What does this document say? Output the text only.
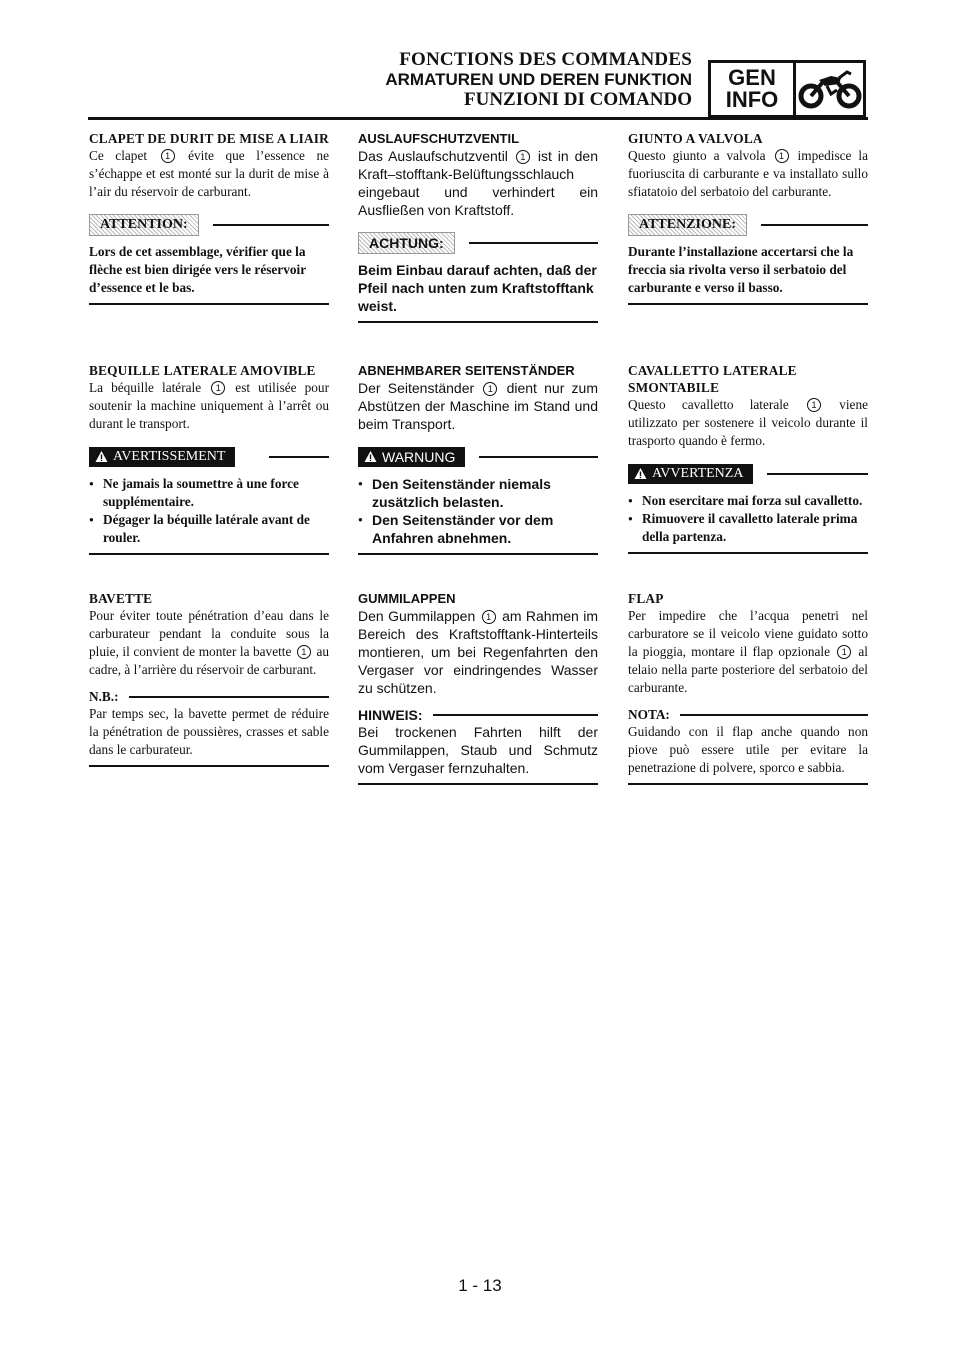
FONCTIONS DES COMMANDES
ARMATUREN UND DEREN FUNKTION
FUNZIONI DI COMANDO
GEN
INFO
CLAPET DE DURIT DE MISE A LIAIR
Ce clapet 1 évite que l’essence ne s’échappe et est monté sur la durit de mise à l’air du réservoir de carburant.
ATTENTION:
Lors de cet assemblage, vérifier que la flèche est bien dirigée vers le réservoir d’essence et le bas.
BEQUILLE LATERALE AMOVIBLE
La béquille latérale 1 est utilisée pour soutenir la machine uniquement à l’arrêt ou durant le transport.
AVERTISSEMENT
● Ne jamais la soumettre à une force supplémentaire.
● Dégager la béquille latérale avant de rouler.
BAVETTE
Pour éviter toute pénétration d’eau dans le carburateur pendant la conduite sous la pluie, il convient de monter la bavette 1 au cadre, à l’arrière du réservoir de carburant.
N.B.:
Par temps sec, la bavette permet de réduire la pénétration de poussières, crasses et sable dans le carburateur.
AUSLAUFSCHUTZVENTIL
Das Auslaufschutzventil 1 ist in den Kraft–stofftank-Belüftungsschlauch eingebaut und verhindert ein Ausfließen von Kraftstoff.
ACHTUNG:
Beim Einbau darauf achten, daß der Pfeil nach unten zum Kraftstofftank weist.
ABNEHMBARER SEITENSTÄNDER
Der Seitenständer 1 dient nur zum Abstützen der Maschine im Stand und beim Transport.
WARNUNG
● Den Seitenständer niemals zusätzlich belasten.
● Den Seitenständer vor dem Anfahren abnehmen.
GUMMILAPPEN
Den Gummilappen 1 am Rahmen im Bereich des Kraftstofftank-Hinterteils montieren, um bei Regenfahrten den Vergaser vor eindringendes Wasser zu schützen.
HINWEIS:
Bei trockenen Fahrten hilft der Gummilappen, Staub und Schmutz vom Vergaser fernzuhalten.
GIUNTO A VALVOLA
Questo giunto a valvola 1 impedisce la fuoriuscita di carburante e va installato sullo sfiatatoio del serbatoio del carburante.
ATTENZIONE:
Durante l’installazione accertarsi che la freccia sia rivolta verso il serbatoio del carburante e verso il basso.
CAVALLETTO LATERALE SMONTABILE
Questo cavalletto laterale	1 viene utilizzato per sostenere il veicolo durante il trasporto quando è fermo.
AVVERTENZA
● Non esercitare mai forza sul cavalletto.
● Rimuovere il cavalletto laterale prima della partenza.
FLAP
Per impedire che l’acqua penetri nel carburatore se il veicolo viene guidato sotto la pioggia, montare il flap opzionale 1 al telaio nella parte posteriore del serbatoio del carburante.
NOTA:
Guidando con il flap anche quando non piove può essere utile per evitare la penetrazione di polvere, sporco e sabbia.
1 - 13
